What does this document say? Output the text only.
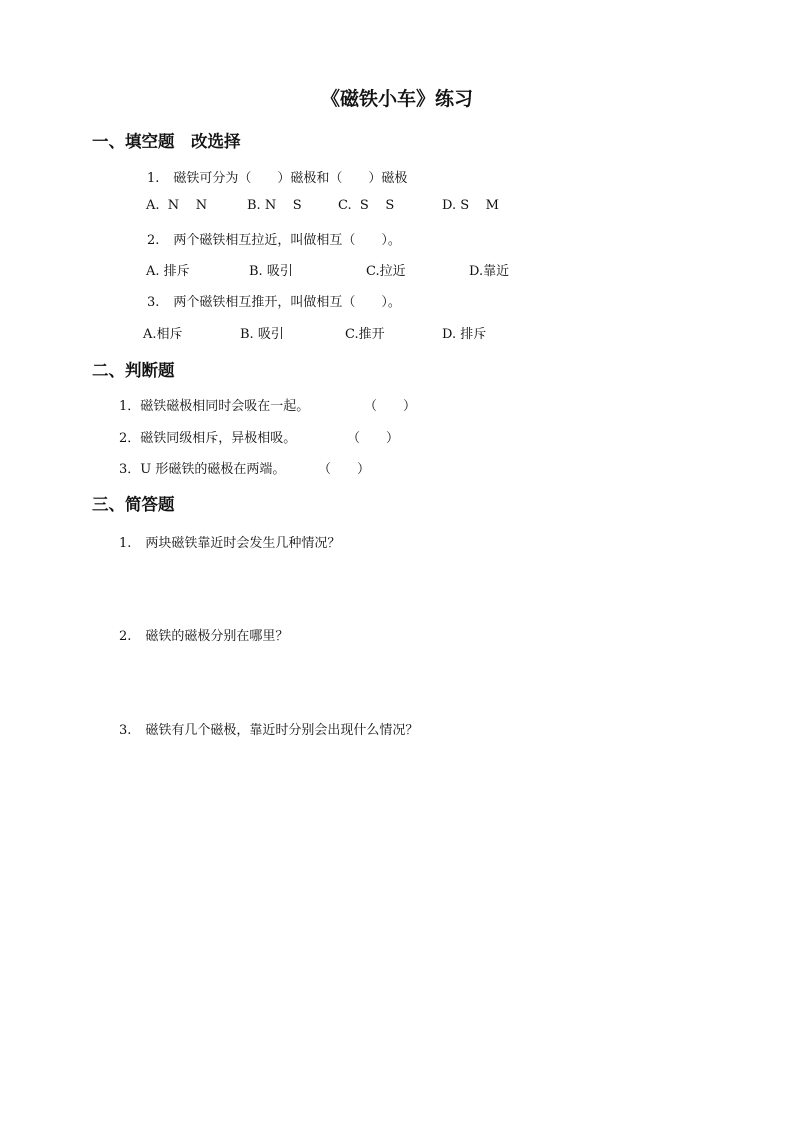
《磁铁小车》练习
一、填空题　改选择
1. 磁铁可分为（　　）磁极和（　　）磁极
A.  N    N	B. N    S	C.  S    S	D. S    M
2. 两个磁铁相互拉近，叫做相互（　　）。
A. 排斥	B. 吸引	C.拉近	D.靠近
3. 两个磁铁相互推开，叫做相互（　　）。
A.相斥	B. 吸引	C.推开	D. 排斥
二、判断题
1．磁铁磁极相同时会吸在一起。	（　　）
2．磁铁同级相斥，异极相吸。	（　　）
3．U 形磁铁的磁极在两端。	（　　）
三、简答题
1. 两块磁铁靠近时会发生几种情况？
2. 磁铁的磁极分别在哪里？
3. 磁铁有几个磁极，靠近时分别会出现什么情况？
